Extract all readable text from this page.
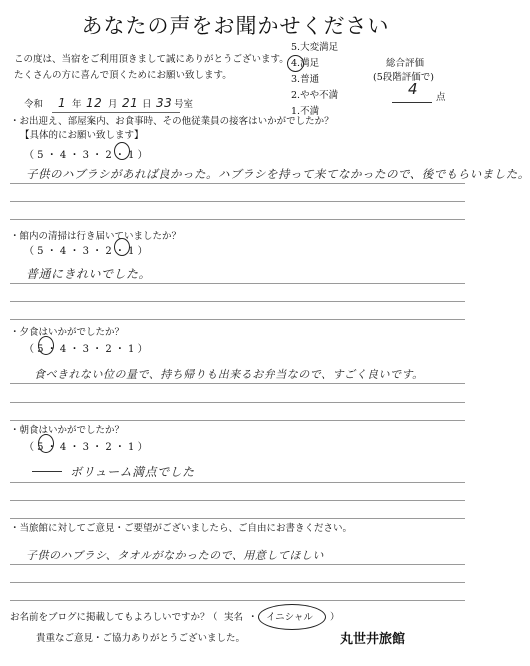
あなたの声をお聞かせください
この度は、当宿をご利用頂きまして誠にありがとうございます。
たくさんの方に喜んで頂くためにお願い致します。
5.大変満足
4.満足
3.普通
2.やや不満
1.不満
総合評価
(5段階評価で)
4 点
令和 1 年 12 月 21 日 33 号室
・お出迎え、部屋案内、お食事時、その他従業員の接客はいかがでしたか？
【具体的にお願い致します】
（ 5 ・ 4 ・ 3 ・ 2 ・ 1 ）
子供のハブラシがあれば良かった。ハブラシを持って来てなかったので、後でもらいました。
・館内の清掃は行き届いていましたか？
（ 5 ・ 4 ・ 3 ・ 2 ・ 1 ）
普通にきれいでした。
・夕食はいかがでしたか？
（ 5 ・ 4 ・ 3 ・ 2 ・ 1 ）
食べきれない位の量で、持ち帰りも出来るお弁当なので、すごく良いです。
・朝食はいかがでしたか？
（ 5 ・ 4 ・ 3 ・ 2 ・ 1 ）
ボリューム満点でした
・当旅館に対してご意見・ご要望がございましたら、ご自由にお書きください。
子供のハブラシ、タオルがなかったので、用意してほしい
お名前をブログに掲載してもよろしいですか？
（ 実名 ・ イニシャル ）
貴重なご意見・ご協力ありがとうございました。	丸世井旅館
